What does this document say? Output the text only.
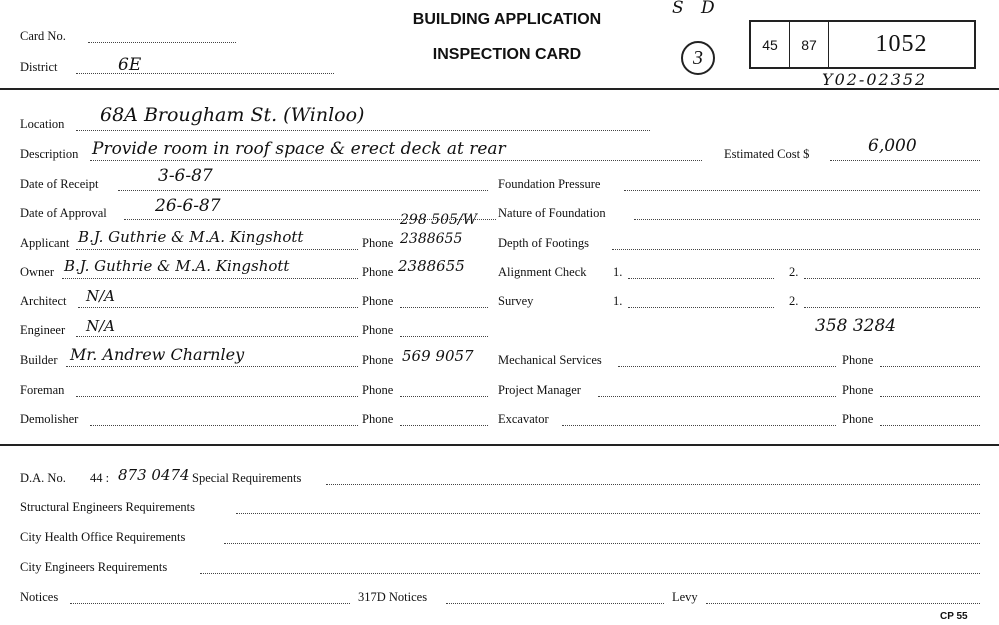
Card No.
District	6E
BUILDING APPLICATION
INSPECTION CARD
S D
3
45	87	1052
Y02-02352
Location 68A Brougham St. (Winloo)
Description Provide room in roof space & erect deck at rear	Estimated Cost $	6,000
Date of Receipt	3-6-87
Date of Approval	26-6-87
Applicant B.J. Guthrie & M.A. Kingshott	Phone 2388655
298 505/W
Owner B.J. Guthrie & M.A. Kingshott	Phone 2388655
Architect N/A	Phone
Engineer N/A	Phone
Builder Mr. Andrew Charnley	Phone 569 9057
Foreman	Phone
Demolisher	Phone
Foundation Pressure
Nature of Foundation
Depth of Footings
Alignment Check 1.	2.
Survey	1.	2.
358 3284
Mechanical Services	Phone
Project Manager	Phone
Excavator	Phone
D.A. No. 44 : 873 0474 Special Requirements
Structural Engineers Requirements
City Health Office Requirements
City Engineers Requirements
Notices	317D Notices	Levy
CP 55
